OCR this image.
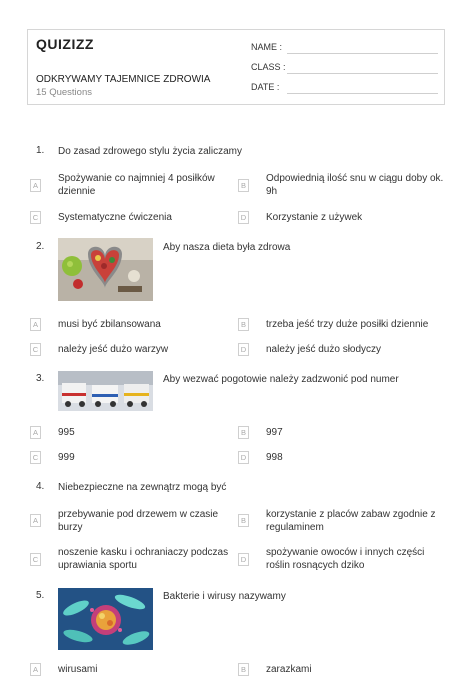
QUIZIZZ
ODKRYWAMY TAJEMNICE ZDROWIA
15 Questions
NAME :
CLASS :
DATE :
1. Do zasad zdrowego stylu życia zaliczamy
A
Spożywanie co najmniej 4 posiłków dziennie
B
Odpowiednią ilość snu w ciągu doby ok. 9h
C Systematyczne ćwiczenia	D Korzystanie z używek
2.	Aby nasza dieta była zdrowa
A	musi być zbilansowana	B	trzeba jeść trzy duże posiłki dziennie
C należy jeść dużo warzyw	D należy jeść dużo słodyczy
3.	Aby wezwać pogotowie należy zadzwonić pod numer
A	995	B	997
C 999	D 998
4. Niebezpieczne na zewnątrz mogą być
A
przebywanie pod drzewem w czasie burzy
B
korzystanie z placów zabaw zgodnie z regulaminem
C
noszenie kasku i ochraniaczy podczas uprawiania sportu
D
spożywanie owoców i innych części roślin rosnących dziko
5.	Bakterie i wirusy nazywamy
A	wirusami	B	zarazkami
